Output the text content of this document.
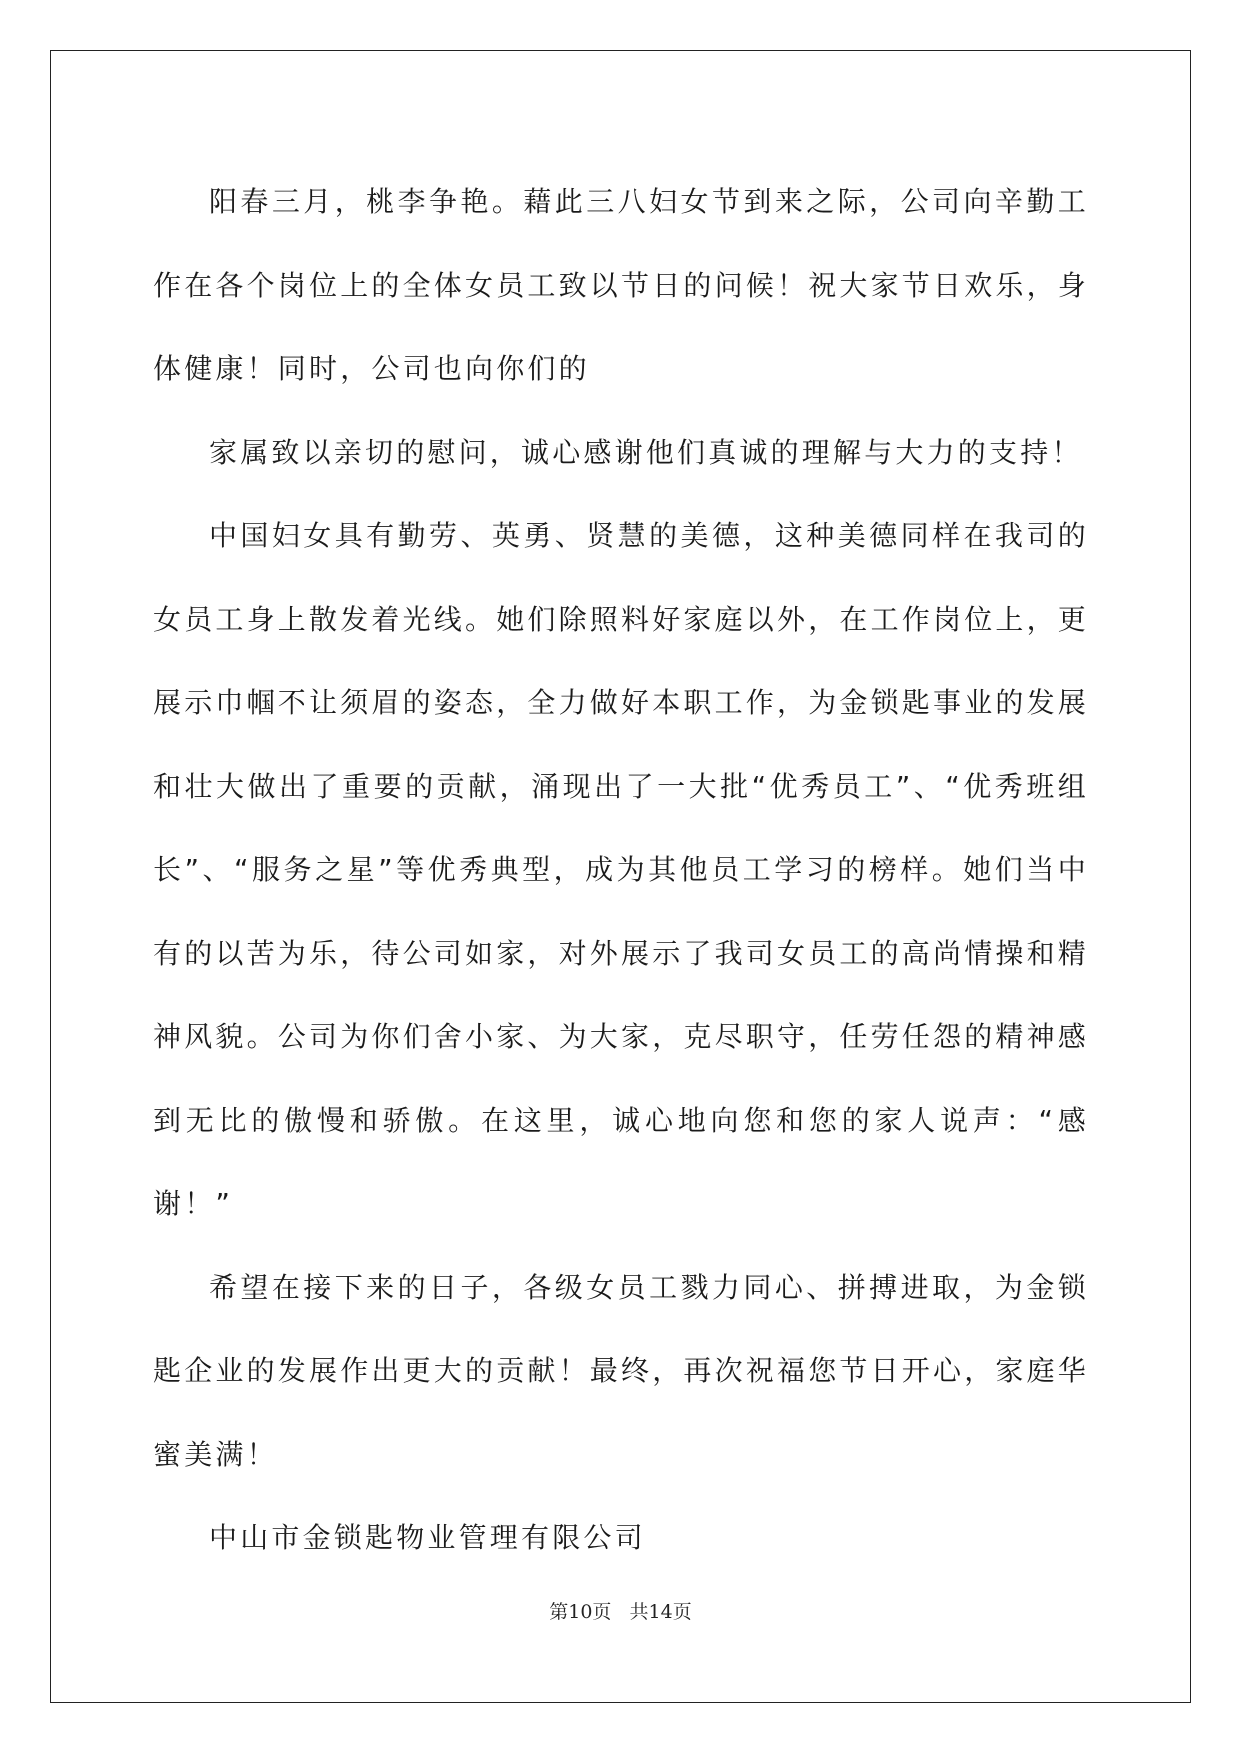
阳春三月，桃李争艳。藉此三八妇女节到来之际，公司向辛勤工作在各个岗位上的全体女员工致以节日的问候！祝大家节日欢乐，身体健康！同时，公司也向你们的

家属致以亲切的慰问，诚心感谢他们真诚的理解与大力的支持！

中国妇女具有勤劳、英勇、贤慧的美德，这种美德同样在我司的女员工身上散发着光线。她们除照料好家庭以外，在工作岗位上，更展示巾帼不让须眉的姿态，全力做好本职工作，为金锁匙事业的发展和壮大做出了重要的贡献，涌现出了一大批“优秀员工”、“优秀班组长”、“服务之星”等优秀典型，成为其他员工学习的榜样。她们当中有的以苦为乐，待公司如家，对外展示了我司女员工的高尚情操和精神风貌。公司为你们舍小家、为大家，克尽职守，任劳任怨的精神感到无比的傲慢和骄傲。在这里，诚心地向您和您的家人说声：“感谢！”

希望在接下来的日子，各级女员工戮力同心、拼搏进取，为金锁匙企业的发展作出更大的贡献！最终，再次祝福您节日开心，家庭华蜜美满！

中山市金锁匙物业管理有限公司

第10页   共14页
